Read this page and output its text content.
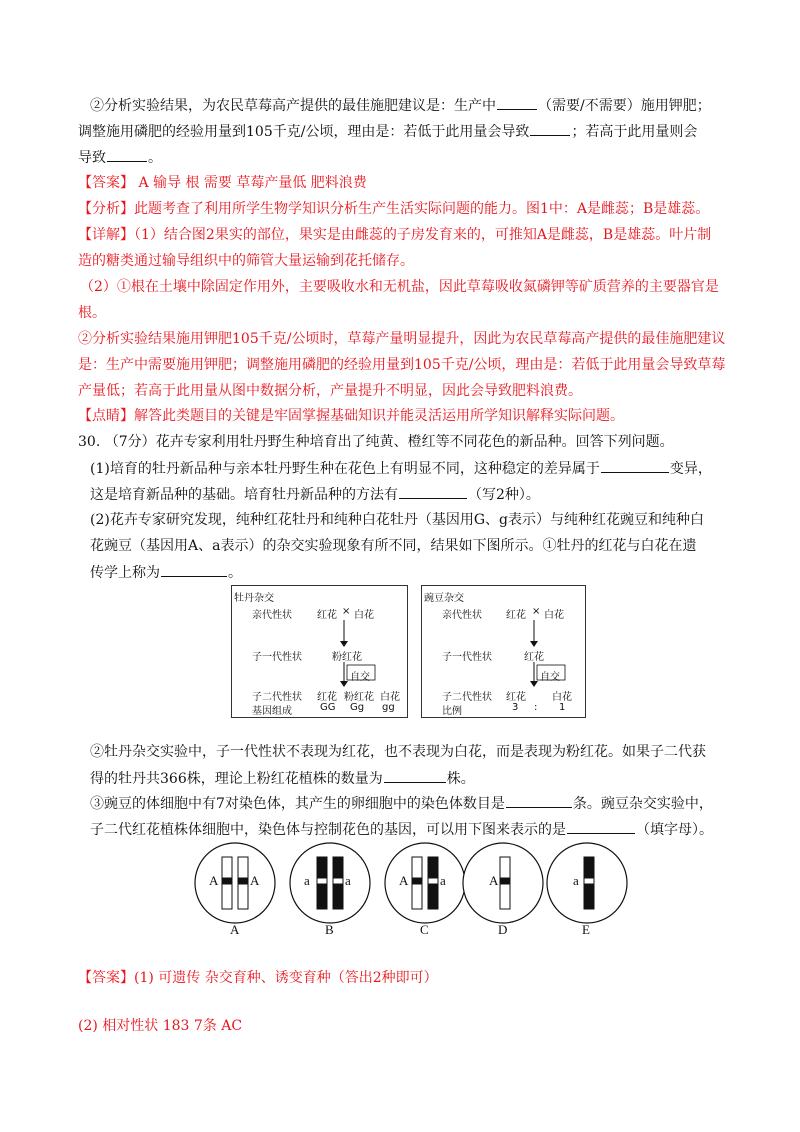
②分析实验结果，为农民草莓高产提供的最佳施肥建议是：生产中	（需要/不需要）施用钾肥；
调整施用磷肥的经验用量到105千克/公顷，理由是：若低于此用量会导致	；若高于此用量则会
导致	。
【答案】 A 输导 根 需要 草莓产量低 肥料浪费
【分析】此题考查了利用所学生物学知识分析生产生活实际问题的能力。图1中：A是雌蕊；B是雄蕊。
【详解】（1）结合图2果实的部位，果实是由雌蕊的子房发育来的，可推知A是雌蕊，B是雄蕊。叶片制
造的糖类通过输导组织中的筛管大量运输到花托储存。
（2）①根在土壤中除固定作用外，主要吸收水和无机盐，因此草莓吸收氮磷钾等矿质营养的主要器官是
根。
②分析实验结果施用钾肥105千克/公顷时，草莓产量明显提升，因此为农民草莓高产提供的最佳施肥建议
是：生产中需要施用钾肥；调整施用磷肥的经验用量到105千克/公顷，理由是：若低于此用量会导致草莓
产量低；若高于此用量从图中数据分析，产量提升不明显，因此会导致肥料浪费。
【点睛】解答此类题目的关键是牢固掌握基础知识并能灵活运用所学知识解释实际问题。
30. （7分）花卉专家利用牡丹野生种培育出了纯黄、橙红等不同花色的新品种。回答下列问题。
(1)培育的牡丹新品种与亲本牡丹野生种在花色上有明显不同，这种稳定的差异属于	变异，
这是培育新品种的基础。培育牡丹新品种的方法有	（写2种）。
(2)花卉专家研究发现，纯种红花牡丹和纯种白花牡丹（基因用G、g表示）与纯种红花豌豆和纯种白
花豌豆（基因用A、a表示）的杂交实验现象有所不同，结果如下图所示。①牡丹的红花与白花在遗
传学上称为	。
②牡丹杂交实验中，子一代性状不表现为红花，也不表现为白花，而是表现为粉红花。如果子二代获
得的牡丹共366株，理论上粉红花植株的数量为	株。
③豌豆的体细胞中有7对染色体，其产生的卵细胞中的染色体数目是	条。豌豆杂交实验中，
子二代红花植株体细胞中，染色体与控制花色的基因，可以用下图来表示的是	（填字母）。
【答案】(1) 可遗传 杂交育种、诱变育种（答出2种即可）
(2) 相对性状 183 7条 AC
牡丹杂交
亲代性状	红花 × 白花
子一代性状	粉红花
自交
子二代性状 红花 粉红花 白花
基因组成	GG Gg gg
豌豆杂交
亲代性状 红花 × 白花
子一代性状	红花
自交
子二代性状 红花	白花
比例	3 : 1
A A
A
a	a
B
A a
C
A
D
a
E
